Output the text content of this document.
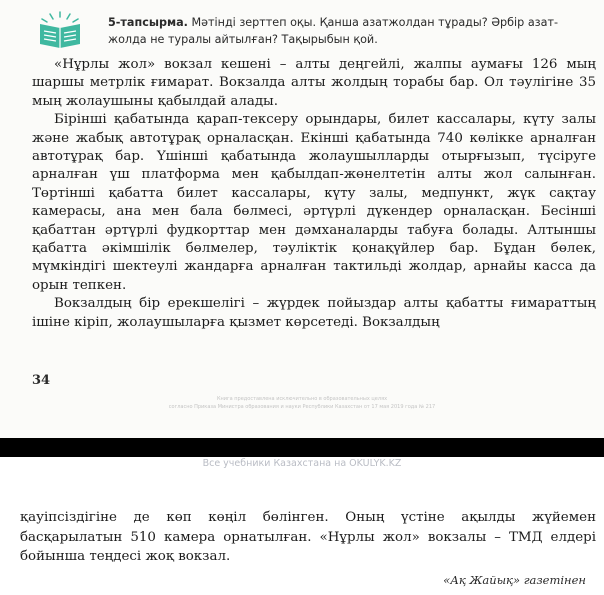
5-тапсырма. Мәтінді зерттеп оқы. Қанша азатжолдан тұрады? Әрбір азат-
жолда не туралы айтылған? Тақырыбын қой.

«Нұрлы жол» вокзал кешені – алты деңгейлі, жалпы аумағы 126 мың шаршы метрлік ғимарат. Вокзалда алты жолдың торабы бар. Ол тәулігіне 35 мың жолаушыны қабылдай алады.

Бірінші қабатында қарап-тексеру орындары, билет кассалары, күту залы және жабық автотұрақ орналасқан. Екінші қабатында 740 көлікке арналған автотұрақ бар. Үшінші қабатында жолаушылларды отырғызып, түсіруге арналған үш платформа мен қабылдап-жөнелтетін алты жол салынған. Төртінші қабатта билет кассалары, күту залы, медпункт, жүк сақтау камерасы, ана мен бала бөлмесі, әртүрлі дүкендер орналасқан. Бесінші қабаттан әртүрлі фудкорттар мен дәмханаларды табуға болады. Алтыншы қабатта әкімшілік бөлмелер, тәуліктік қонақүйлер бар. Бұдан бөлек, мүмкіндігі шектеулі жандарға арналған тактильді жолдар, арнайы касса да орын тепкен.

Вокзалдың бір ерекшелігі – жүрдек пойыздар алты қабатты ғимараттың ішіне кіріп, жолаушыларға қызмет көрсетеді. Вокзалдың

34
Книга предоставлена исключительно в образовательных целях
согласно Приказа Министра образования и науки Республики Казахстан от 17 мая 2019 года № 217
Все учебники Казахстана на OKULYK.KZ

қауіпсіздігіне де көп көңіл бөлінген. Оның үстіне ақылды жүйемен басқарылатын 510 камера орнатылған. «Нұрлы жол» вокзалы – ТМД елдері бойынша теңдесі жоқ вокзал.

«Ақ Жайық» газетінен
